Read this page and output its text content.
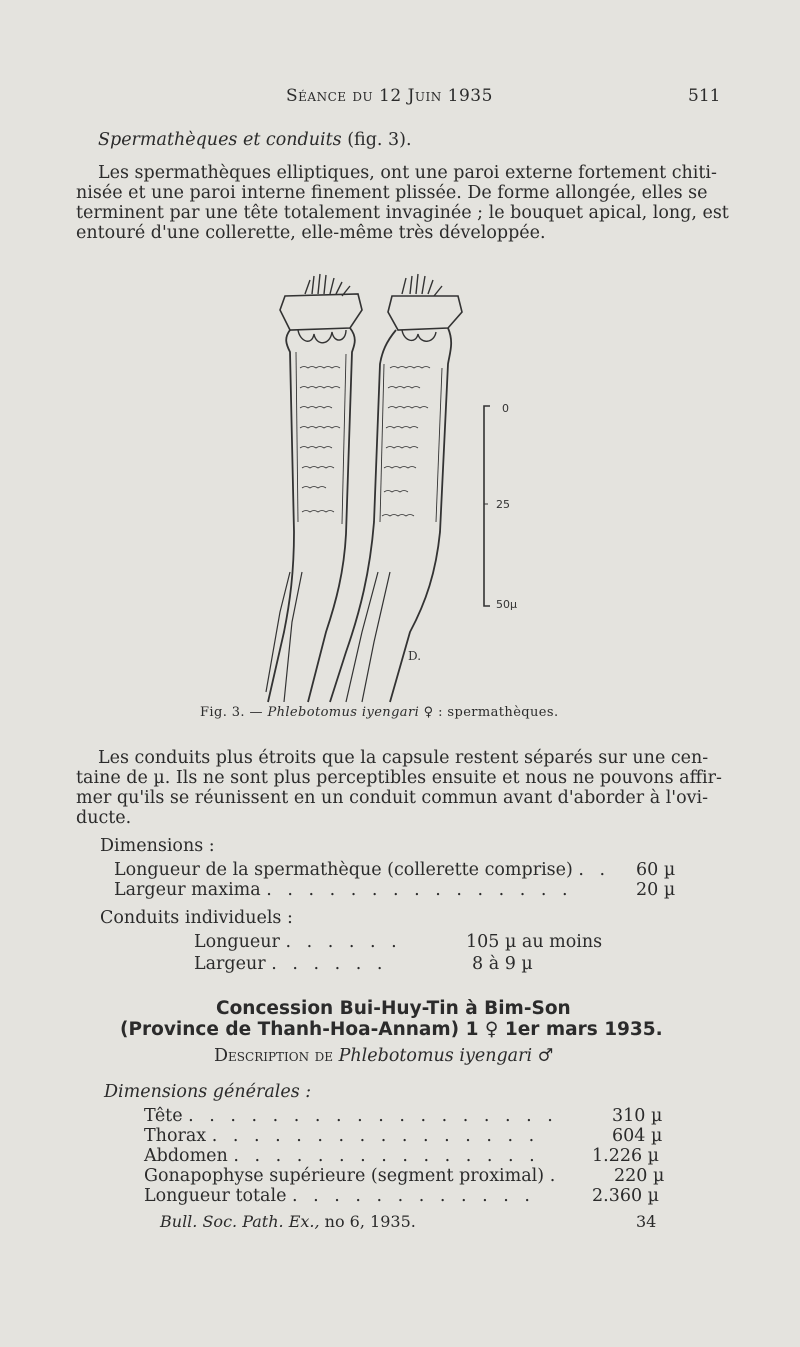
Séance du 12 Juin 1935	511
Spermathèques et conduits (fig. 3).
Les spermathèques elliptiques, ont une paroi externe fortement chiti-
nisée et une paroi interne finement plissée. De forme allongée, elles se
terminent par une tête totalement invaginée ; le bouquet apical, long, est
entouré d'une collerette, elle-même très développée.
0
25
50µ
D.
Fig. 3. — Phlebotomus iyengari ♀ : spermathèques.
Les conduits plus étroits que la capsule restent séparés sur une cen-
taine de µ. Ils ne sont plus perceptibles ensuite et nous ne pouvons affir-
mer qu'ils se réunissent en un conduit commun avant d'aborder à l'ovi-
ducte.
Dimensions :
Longueur de la spermathèque (collerette comprise) . . 60 µ
Largeur maxima . . . . . . . . . . . . . . .	20 µ
Conduits individuels :
Longueur . . . . . .	105 µ au moins
Largeur . . . . . .	8 à 9 µ
Concession Bui-Huy-Tin à Bim-Son
(Province de Thanh-Hoa-Annam) 1 ♀ 1er mars 1935.
Description de Phlebotomus iyengari ♂
Dimensions générales :
Tête . . . . . . . . . . . . . . . . . .	310 µ
Thorax . . . . . . . . . . . . . . . .	604 µ
Abdomen . . . . . . . . . . . . . . .	1.226 µ
Gonapophyse supérieure (segment proximal) .	220 µ
Longueur totale . . . . . . . . . . . .	2.360 µ
Bull. Soc. Path. Ex., no 6, 1935.	34
